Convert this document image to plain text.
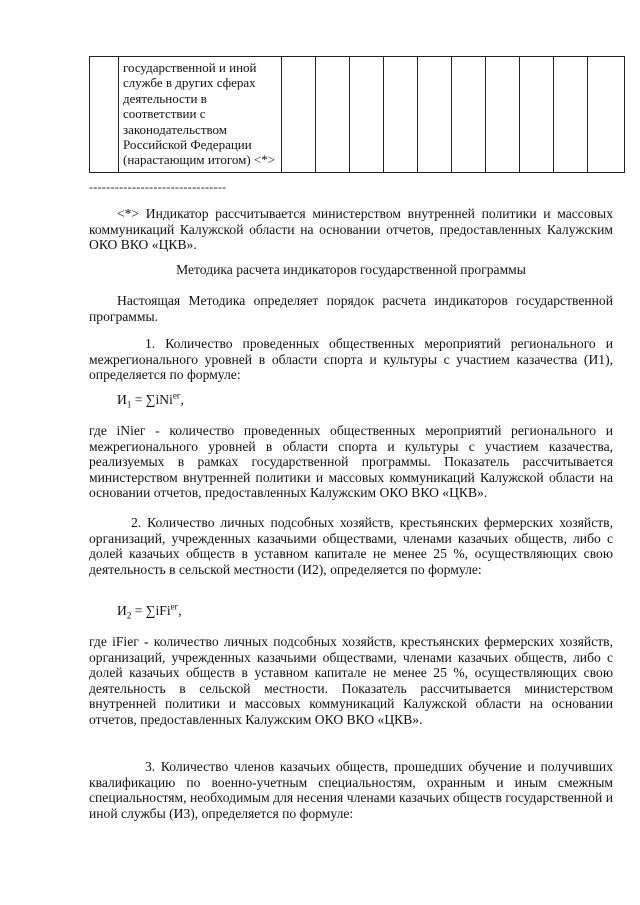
	государственной и иной службе в других сферах деятельности в соответствии с законодательством Российской Федерации (нарастающим итогом) <*>										
--------------------------------

<*> Индикатор рассчитывается министерством внутренней политики и массовых коммуникаций Калужской области на основании отчетов, предоставленных Калужским ОКО ВКО «ЦКВ».

Методика расчета индикаторов государственной программы

Настоящая Методика определяет порядок расчета индикаторов государственной программы.

1. Количество проведенных общественных мероприятий регионального и межрегионального уровней в области спорта и культуры с участием казачества (И1), определяется по формуле:

$И_1 = \sum iNi^{ег}$,

где iNiег - количество проведенных общественных мероприятий регионального и межрегионального уровней в области спорта и культуры с участием казачества, реализуемых в рамках государственной программы. Показатель рассчитывается министерством внутренней политики и массовых коммуникаций Калужской области на основании отчетов, предоставленных Калужским ОКО ВКО «ЦКВ».

2. Количество личных подсобных хозяйств, крестьянских фермерских хозяйств, организаций, учрежденных казачьими обществами, членами казачьих обществ, либо с долей казачьих обществ в уставном капитале не менее 25 %, осуществляющих свою деятельность в сельской местности (И2), определяется по формуле:

$И_2 = \sum iFi^{ег}$,

где iFiег - количество личных подсобных хозяйств, крестьянских фермерских хозяйств, организаций, учрежденных казачьими обществами, членами казачьих обществ, либо с долей казачьих обществ в уставном капитале не менее 25 %, осуществляющих свою деятельность в сельской местности. Показатель рассчитывается министерством внутренней политики и массовых коммуникаций Калужской области на основании отчетов, предоставленных Калужским ОКО ВКО «ЦКВ».

3. Количество членов казачьих обществ, прошедших обучение и получивших квалификацию по военно-учетным специальностям, охранным и иным смежным специальностям, необходимым для несения членами казачьих обществ государственной и иной службы (И3), определяется по формуле:
